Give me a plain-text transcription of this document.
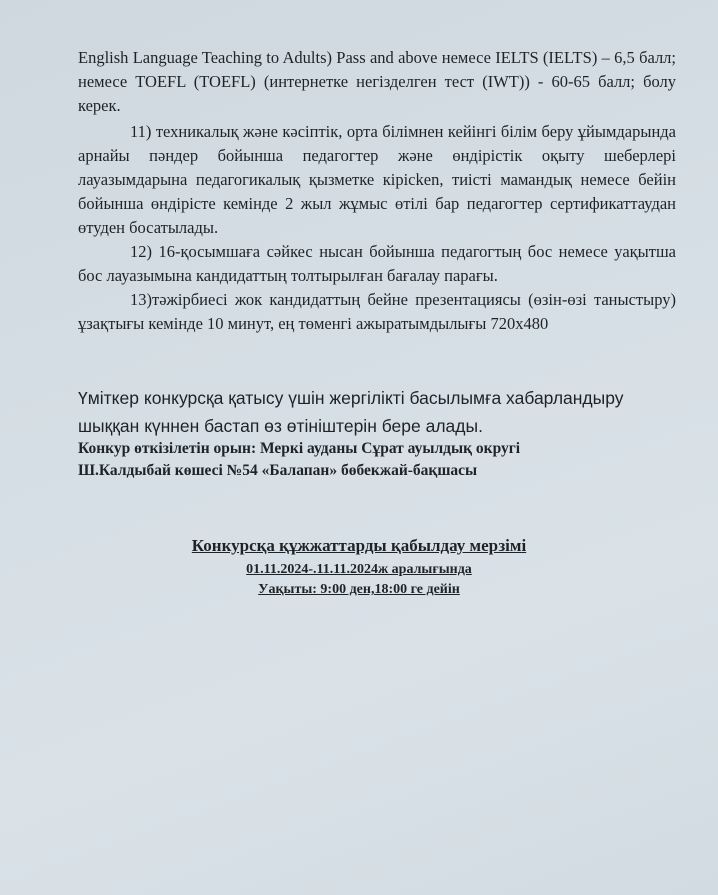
English Language Teaching to Adults) Pass and above немесе IELTS (IELTS) – 6,5 балл; немесе TOEFL (TOEFL) (интернетке негізделген тест (IWT)) - 60-65 балл; болу керек.

11) техникалық және кәсіптік, орта білімнен кейінгі білім беру ұйымдарында арнайы пәндер бойынша педагогтер және өндірістік оқыту шеберлері лауазымдарына педагогикалық қызметке кірісken, тиісті мамандық немесе бейін бойынша өндірісте кемінде 2 жыл жұмыс өтілі бар педагогтер сертификаттаудан өтуден босатылады.

12) 16-қосымшаға сәйкес нысан бойынша педагогтың бос немесе уақытша бос лауазымына кандидаттың толтырылған бағалау парағы.

13)тәжірбиесі жок кандидаттың бейне презентациясы (өзін-өзі таныстыру) ұзақтығы кемінде 10 минут, ең төменгі ажыратымдылығы 720x480

Үміткер конкурсқа қатысу үшін жергілікті басылымға хабарландыру шыққан күннен бастап өз өтініштерін бере алады.

Конкур өткізілетін орын: Меркі ауданы Сұрат ауылдық округі

Ш.Калдыбай көшесі №54 «Балапан» бөбекжай-бақшасы

Конкурсқа құжжаттарды қабылдау мерзімі

01.11.2024-.11.11.2024ж аралығында

Уақыты: 9:00 ден,18:00 ге дейін
